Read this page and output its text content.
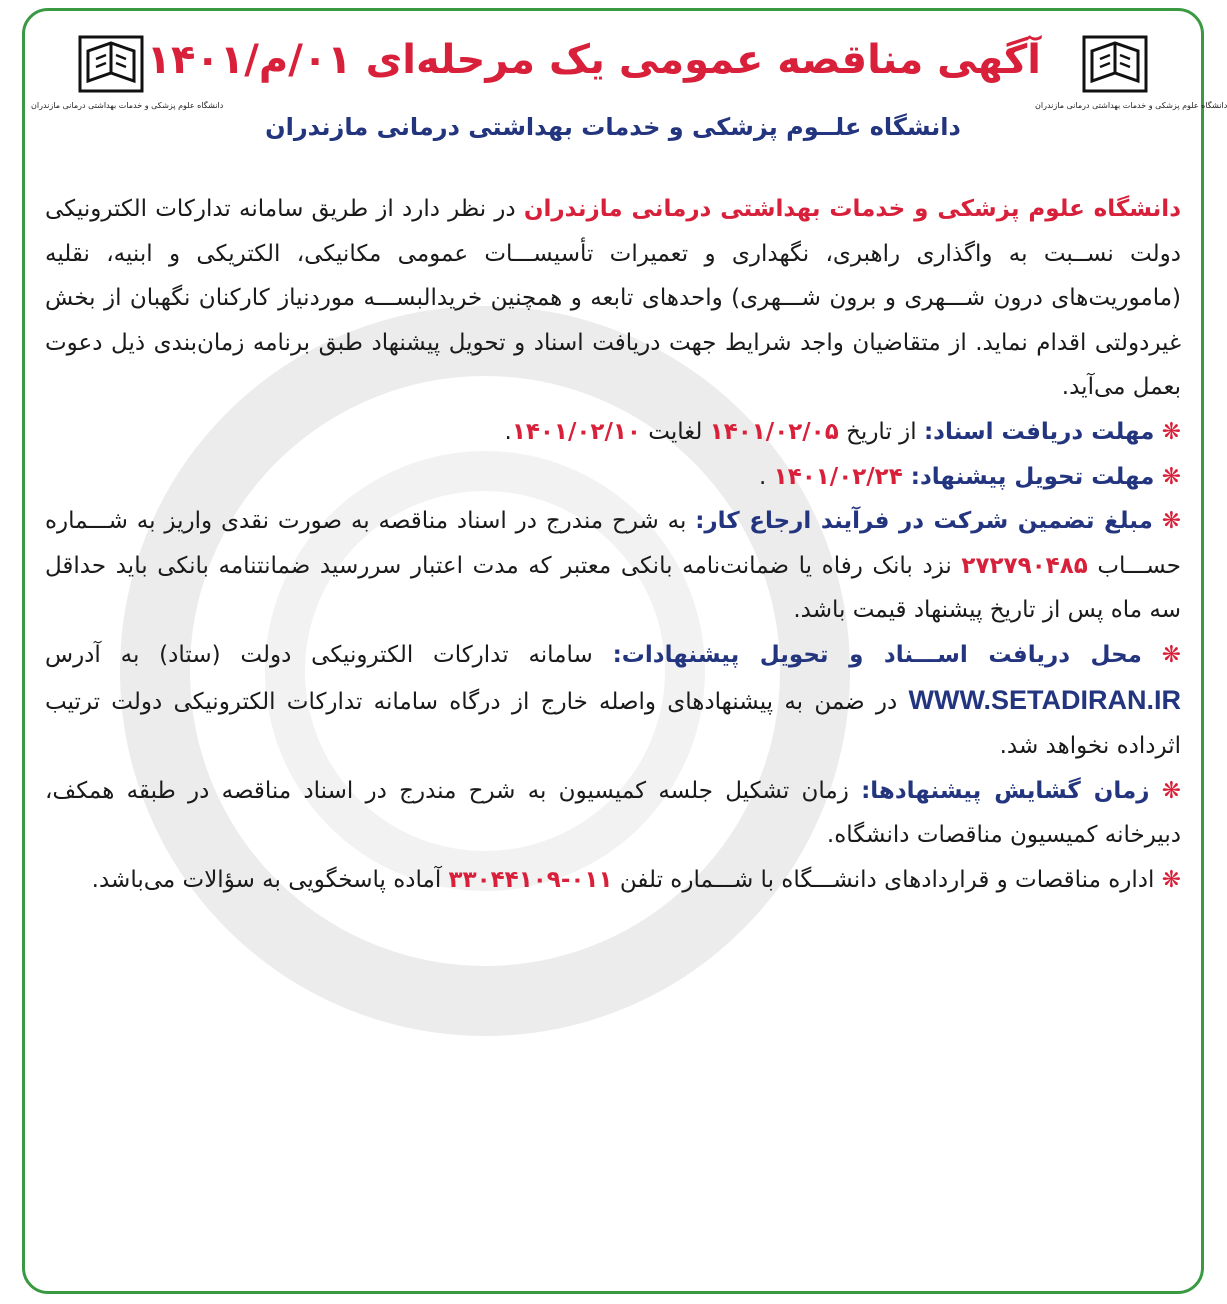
دانشگاه علوم پزشکی و خدمات بهداشتی درمانی مازندران
دانشگاه علوم پزشکی و خدمات بهداشتی درمانی مازندران
آگهی مناقصه عمومی یک مرحله‌ای ۰۱/م/۱۴۰۱
دانشگاه علــوم پزشکی و خدمات بهداشتی درمانی مازندران

دانشگاه علوم پزشکی و خدمات بهداشتی درمانی مازندران در نظر دارد از طریق سامانه تدارکات الکترونیکی دولت نســبت به واگذاری راهبری، نگهداری و تعمیرات تأسیســـات عمومی مکانیکی، الکتریکی و ابنیه، نقلیه (ماموریت‌های درون شـــهری و برون شـــهری) واحدهای تابعه و همچنین خریدالبســـه موردنیاز کارکنان نگهبان از بخش غیردولتی اقدام نماید. از متقاضیان واجد شرایط جهت دریافت اسناد و تحویل پیشنهاد طبق برنامه زمان‌بندی ذیل دعوت بعمل می‌آید.

❋ مهلت دریافت اسناد: از تاریخ ۱۴۰۱/۰۲/۰۵ لغایت ۱۴۰۱/۰۲/۱۰.

❋ مهلت تحویل پیشنهاد: ۱۴۰۱/۰۲/۲۴ .

❋ مبلغ تضمین شرکت در فرآیند ارجاع کار: به شرح مندرج در اسناد مناقصه به صورت نقدی واریز به شـــماره حســـاب ۲۷۲۷۹۰۴۸۵ نزد بانک رفاه یا ضمانت‌نامه بانکی معتبر که مدت اعتبار سررسید ضمانتنامه بانکی باید حداقل سه ماه پس از تاریخ پیشنهاد قیمت باشد.

❋ محل دریافت اســـناد و تحویل پیشنهادات: سامانه تدارکات الکترونیکی دولت (ستاد) به آدرس WWW.SETADIRAN.IR در ضمن به پیشنهادهای واصله خارج از درگاه سامانه تدارکات الکترونیکی دولت ترتیب اثرداده نخواهد شد.

❋ زمان گشایش پیشنهادها: زمان تشکیل جلسه کمیسیون به شرح مندرج در اسناد مناقصه در طبقه همکف، دبیرخانه کمیسیون مناقصات دانشگاه.

❋ اداره مناقصات و قراردادهای دانشـــگاه با شـــماره تلفن ۰۱۱-۳۳۰۴۴۱۰۹ آماده پاسخگویی به سؤالات می‌باشد.
